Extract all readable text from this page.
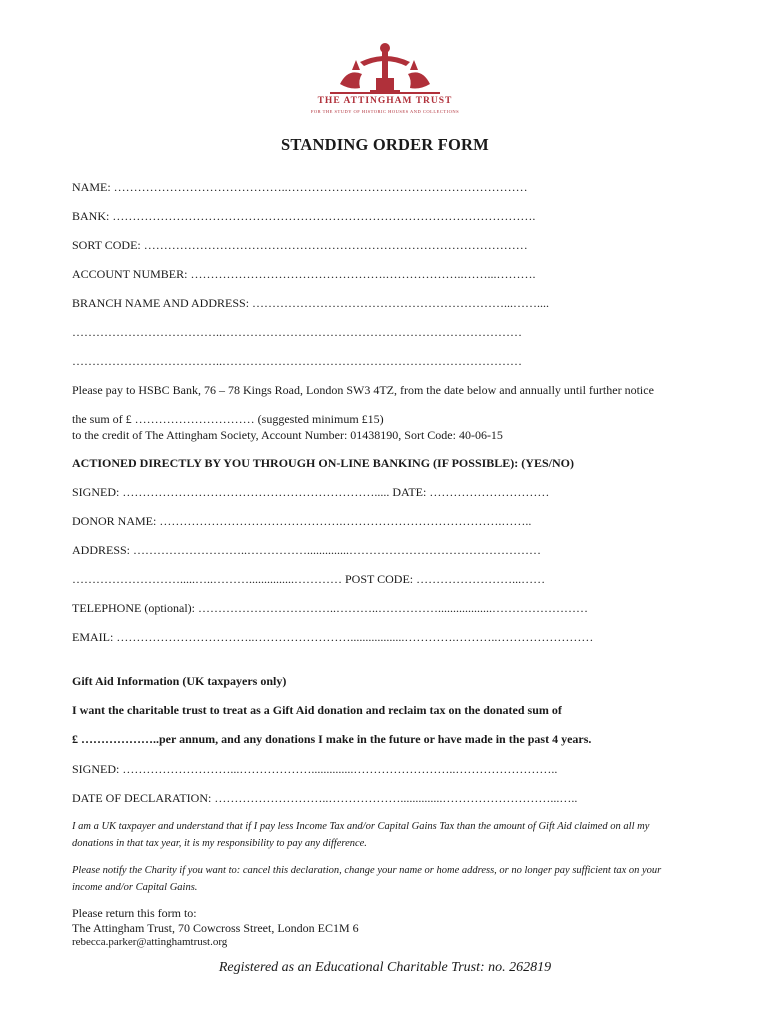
THE ATTINGHAM TRUST
FOR THE STUDY OF HISTORIC HOUSES AND COLLECTIONS
STANDING ORDER FORM
NAME: ……………………………………..……………………………………………………
BANK: …………………………………………………………………………………………….
SORT CODE: ……………………………………………………………………………………
ACCOUNT NUMBER: ………………………………………….………………..……...……….
BRANCH NAME AND ADDRESS: ………………………………………………………...……....
………………………………..…………………………………………………………………
………………………………..…………………………………………………………………
Please pay to HSBC Bank, 76 – 78 Kings Road, London SW3 4TZ, from the date below and annually until further notice
the sum of £ ………………………… (suggested minimum £15)
to the credit of The Attingham Society, Account Number: 01438190, Sort Code: 40-06-15
ACTIONED DIRECTLY BY YOU THROUGH ON-LINE BANKING (IF POSSIBLE): (YES/NO)
SIGNED: ………………………………………………………..... DATE: …………………………
DONOR NAME: ……………………………………….………………………………….……..
ADDRESS: ………………………..……………..............…………………………………………
……………………….....…..………...............………… POST CODE: ……………………...……
TELEPHONE (optional): ……………………………..………..……………..................……………………
EMAIL: ……………………………..……………………..................………….………..……………………
Gift Aid Information (UK taxpayers only)
I want the charitable trust to treat as a Gift Aid donation and reclaim tax on the donated sum of
£ ………………..per annum, and any donations I make in the future or have made in the past 4 years.
SIGNED: ………………………...………………..............……………………..……………………..
DATE OF DECLARATION: ………………………..………………..............………………………...…..
I am a UK taxpayer and understand that if I pay less Income Tax and/or Capital Gains Tax than the amount of Gift Aid claimed on all my donations in that tax year, it is my responsibility to pay any difference.
Please notify the Charity if you want to: cancel this declaration, change your name or home address, or no longer pay sufficient tax on your income and/or Capital Gains.
Please return this form to:
The Attingham Trust, 70 Cowcross Street, London EC1M 6
rebecca.parker@attinghamtrust.org
Registered as an Educational Charitable Trust: no. 262819
